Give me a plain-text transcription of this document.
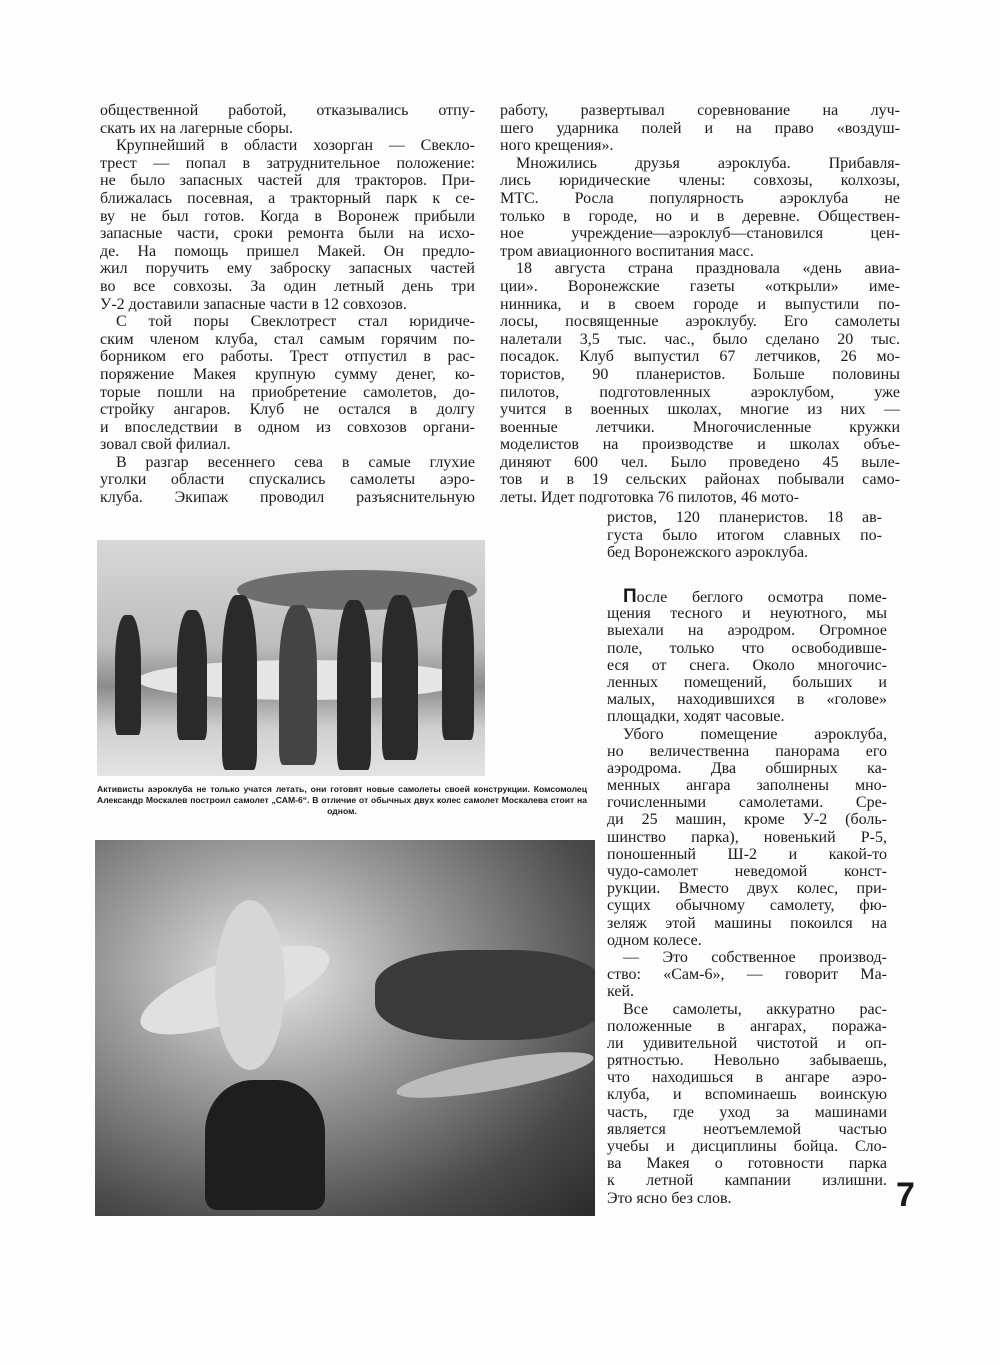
общественной работой, отказывались отпу-
скать их на лагерные сборы.
Крупнейший в области хозорган — Свекло-
трест — попал в затруднительное положение:
не было запасных частей для тракторов. При-
ближалась посевная, а тракторный парк к се-
ву не был готов. Когда в Воронеж прибыли
запасные части, сроки ремонта были на исхо-
де. На помощь пришел Макей. Он предло-
жил поручить ему заброску запасных частей
во все совхозы. За один летный день три
У-2 доставили запасные части в 12 совхозов.
С той поры Свеклотрест стал юридиче-
ским членом клуба, стал самым горячим по-
борником его работы. Трест отпустил в рас-
поряжение Макея крупную сумму денег, ко-
торые пошли на приобретение самолетов, до-
стройку ангаров. Клуб не остался в долгу
и впоследствии в одном из совхозов органи-
зовал свой филиал.
В разгар весеннего сева в самые глухие
уголки области спускались самолеты аэро-
клуба. Экипаж проводил разъяснительную
работу, развертывал соревнование на луч-
шего ударника полей и на право «воздуш-
ного крещения».
Множились друзья аэроклуба. Прибавля-
лись юридические члены: совхозы, колхозы,
МТС. Росла популярность аэроклуба не
только в городе, но и в деревне. Обществен-
ное учреждение—аэроклуб—становился цен-
тром авиационного воспитания масс.
18 августа страна праздновала «день авиа-
ции». Воронежские газеты «открыли» име-
нинника, и в своем городе и выпустили по-
лосы, посвященные аэроклубу. Его самолеты
налетали 3,5 тыс. час., было сделано 20 тыс.
посадок. Клуб выпустил 67 летчиков, 26 мо-
тористов, 90 планеристов. Больше половины
пилотов, подготовленных аэроклубом, уже
учится в военных школах, многие из них —
военные летчики. Многочисленные кружки
моделистов на производстве и школах объе-
диняют 600 чел. Было проведено 45 выле-
тов и в 19 сельских районах побывали само-
леты. Идет подготовка 76 пилотов, 46 мото-
ристов, 120 планеристов. 18 ав-
густа было итогом славных по-
бед Воронежского аэроклуба.
После беглого осмотра поме-
щения тесного и неуютного, мы
выехали на аэродром. Огромное
поле, только что освободивше-
еся от снега. Около многочис-
ленных помещений, больших и
малых, находившихся в «голове»
площадки, ходят часовые.
Убого помещение аэроклуба,
но величественна панорама его
аэродрома. Два обширных ка-
менных ангара заполнены мно-
гочисленными самолетами. Сре-
ди 25 машин, кроме У-2 (боль-
шинство парка), новенький Р-5,
поношенный Ш-2 и какой-то
чудо-самолет неведомой конст-
рукции. Вместо двух колес, при-
сущих обычному самолету, фю-
зеляж этой машины покоился на
одном колесе.
— Это собственное производ-
ство: «Сам-6», — говорит Ма-
кей.
Все самолеты, аккуратно рас-
положенные в ангарах, поража-
ли удивительной чистотой и оп-
рятностью. Невольно забываешь,
что находишься в ангаре аэро-
клуба, и вспоминаешь воинскую
часть, где уход за машинами
является неотъемлемой частью
учебы и дисциплины бойца. Сло-
ва Макея о готовности парка
к летной кампании излишни.
Это ясно без слов.
Активисты аэроклуба не только учатся летать, они готовят новые самолеты своей конструкции. Комсомолец Александр Москалев построил самолет „САМ-6“. В отличие от обычных двух колес самолет Москалева стоит на одном.
7
